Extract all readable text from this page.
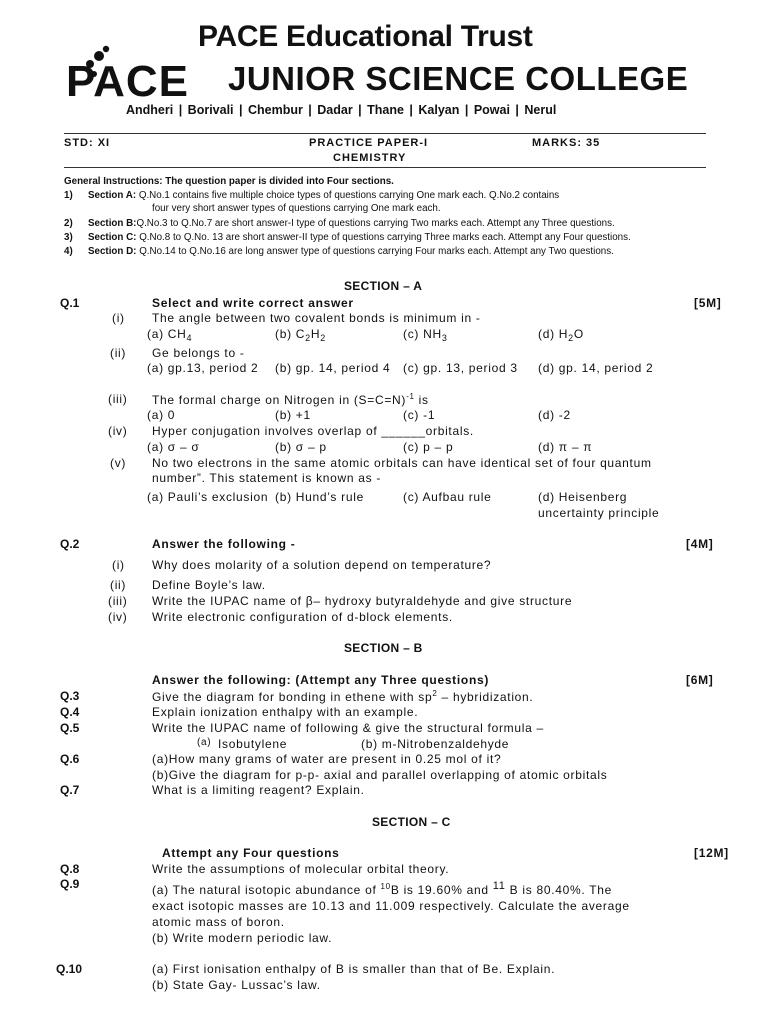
PACE Educational Trust
PACE JUNIOR SCIENCE COLLEGE
Andheri | Borivali | Chembur | Dadar | Thane | Kalyan | Powai | Nerul
STD: XI	PRACTICE PAPER-I	MARKS: 35
CHEMISTRY
General Instructions: The question paper is divided into Four sections.
1) Section A: Q.No.1 contains five multiple choice types of questions carrying One mark each. Q.No.2 contains
four very short answer types of questions carrying One mark each.
2) Section B:Q.No.3 to Q.No.7 are short answer-I type of questions carrying Two marks each. Attempt any Three questions.
3) Section C: Q.No.8 to Q.No. 13 are short answer-II type of questions carrying Three marks each. Attempt any Four questions.
4) Section D: Q.No.14 to Q.No.16 are long answer type of questions carrying Four marks each. Attempt any Two questions.
SECTION – A
Q.1	Select and write correct answer	[5M]
(i) The angle between two covalent bonds is minimum in -
(a) $CH_4$	(b) $C_2H_2$	(c) $NH_3$	(d) $H_2O$
(ii) Ge belongs to -
(a) gp.13, period 2 (b) gp. 14, period 4 (c) gp. 13, period 3 (d) gp. 14, period 2
(iii) The formal charge on Nitrogen in (S=C=N)$^{-1}$ is
(a) 0	(b) +1	(c) -1	(d) -2
(iv) Hyper conjugation involves overlap of ______orbitals.
(a) σ – σ	(b) σ – p	(c) p – p	(d) π – π
(v) No two electrons in the same atomic orbitals can have identical set of four quantum
number”. This statement is known as -
(a) Pauli’s exclusion (b) Hund’s rule	(c) Aufbau rule	(d) Heisenberg
uncertainty principle
Q.2	Answer the following -	[4M]
(i) Why does molarity of a solution depend on temperature?
(ii) Define Boyle’s law.
(iii) Write the IUPAC name of β– hydroxy butyraldehyde and give structure
(iv) Write electronic configuration of d-block elements.
SECTION – B
Answer the following: (Attempt any Three questions)	[6M]
Q.3	Give the diagram for bonding in ethene with $sp^2$ – hybridization.
Q.4	Explain ionization enthalpy with an example.
Q.5	Write the IUPAC name of following & give the structural formula –
(a) Isobutylene	(b) m-Nitrobenzaldehyde
Q.6	(a)How many grams of water are present in 0.25 mol of it?
(b)Give the diagram for p-p- axial and parallel overlapping of atomic orbitals
Q.7	What is a limiting reagent? Explain.
SECTION – C
Attempt any Four questions	[12M]
Q.8	Write the assumptions of molecular orbital theory.
Q.9	(a) The natural isotopic abundance of $^{10}$B is 19.60% and $^{11}$ B is 80.40%. The
exact isotopic masses are 10.13 and 11.009 respectively. Calculate the average
atomic mass of boron.
(b) Write modern periodic law.
Q.10	(a) First ionisation enthalpy of B is smaller than that of Be. Explain.
(b) State Gay- Lussac’s law.
